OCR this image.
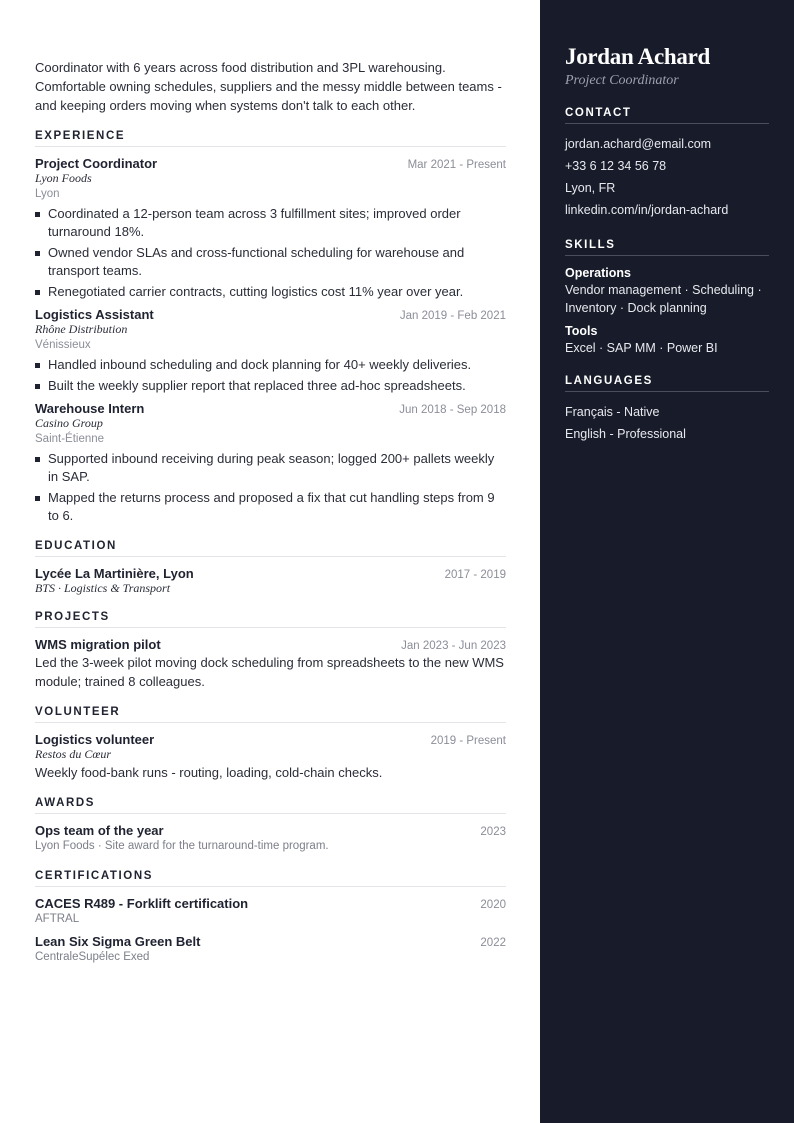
Coordinator with 6 years across food distribution and 3PL warehousing. Comfortable owning schedules, suppliers and the messy middle between teams - and keeping orders moving when systems don't talk to each other.

EXPERIENCE
Project Coordinator	Mar 2021 - Present
Lyon Foods
Lyon
Coordinated a 12-person team across 3 fulfillment sites; improved order turnaround 18%.
Owned vendor SLAs and cross-functional scheduling for warehouse and transport teams.
Renegotiated carrier contracts, cutting logistics cost 11% year over year.
Logistics Assistant	Jan 2019 - Feb 2021
Rhône Distribution
Vénissieux
Handled inbound scheduling and dock planning for 40+ weekly deliveries.
Built the weekly supplier report that replaced three ad-hoc spreadsheets.
Warehouse Intern	Jun 2018 - Sep 2018
Casino Group
Saint-Étienne
Supported inbound receiving during peak season; logged 200+ pallets weekly in SAP.
Mapped the returns process and proposed a fix that cut handling steps from 9 to 6.
EDUCATION
Lycée La Martinière, Lyon	2017 - 2019
BTS · Logistics & Transport
PROJECTS
WMS migration pilot	Jan 2023 - Jun 2023
Led the 3-week pilot moving dock scheduling from spreadsheets to the new WMS module; trained 8 colleagues.
VOLUNTEER
Logistics volunteer	2019 - Present
Restos du Cœur
Weekly food-bank runs - routing, loading, cold-chain checks.
AWARDS
Ops team of the year	2023
Lyon Foods · Site award for the turnaround-time program.
CERTIFICATIONS
CACES R489 - Forklift certification	2020
AFTRAL
Lean Six Sigma Green Belt	2022
CentraleSupélec Exed
Jordan Achard
Project Coordinator
CONTACT
jordan.achard@email.com
+33 6 12 34 56 78
Lyon, FR
linkedin.com/in/jordan-achard
SKILLS
Operations
Vendor management · Scheduling · Inventory · Dock planning
Tools
Excel · SAP MM · Power BI
LANGUAGES
Français - Native
English - Professional
